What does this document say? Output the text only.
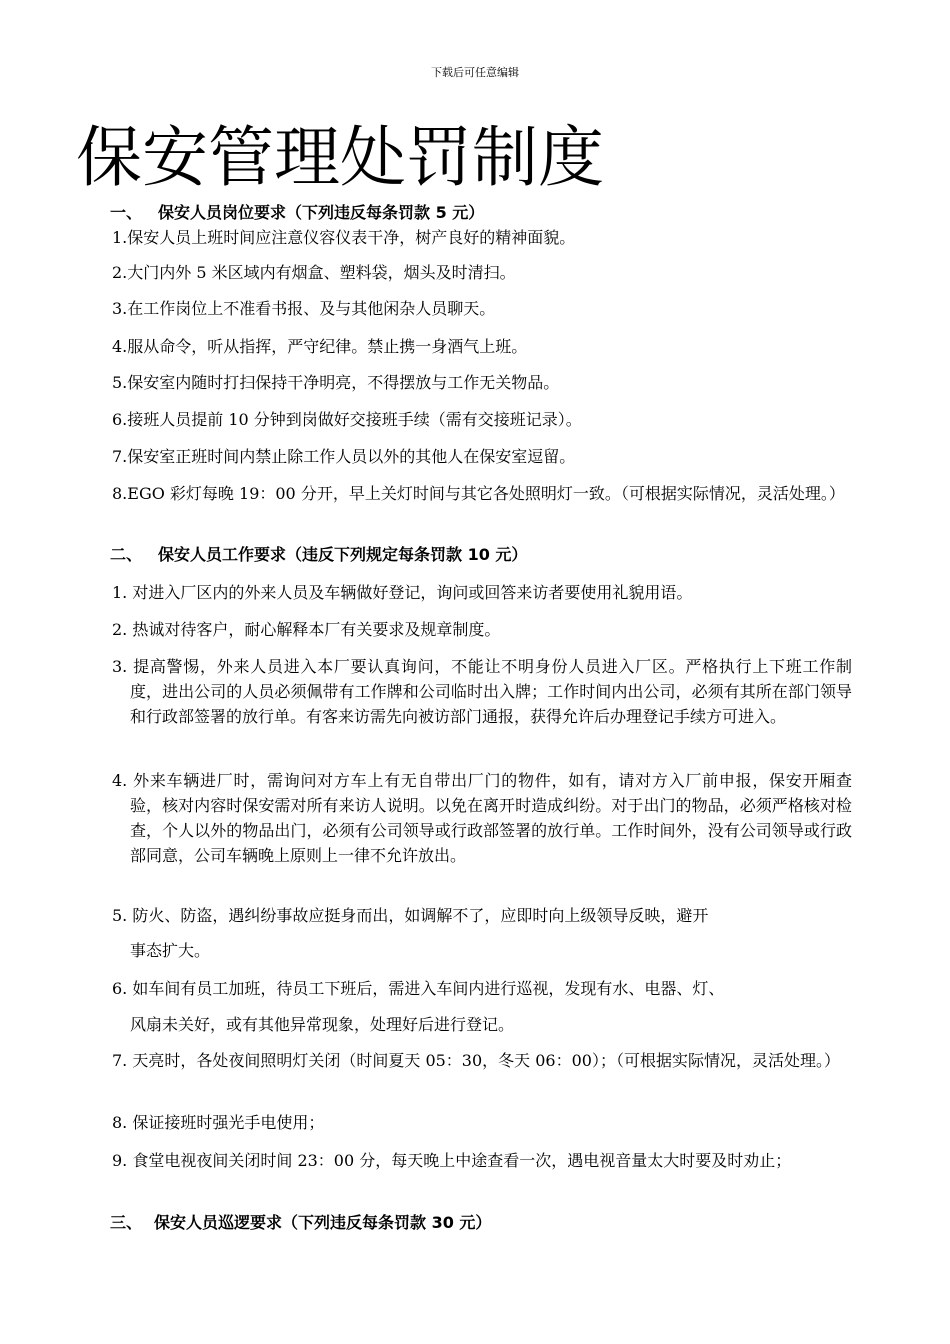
下载后可任意编辑
保安管理处罚制度
一、 保安人员岗位要求（下列违反每条罚款 5 元）

1.保安人员上班时间应注意仪容仪表干净，树产良好的精神面貌。

2.大门内外 5 米区域内有烟盒、塑料袋，烟头及时清扫。

3.在工作岗位上不准看书报、及与其他闲杂人员聊天。

4.服从命令，听从指挥，严守纪律。禁止携一身酒气上班。

5.保安室内随时打扫保持干净明亮，不得摆放与工作无关物品。

6.接班人员提前 10 分钟到岗做好交接班手续（需有交接班记录）。

7.保安室正班时间内禁止除工作人员以外的其他人在保安室逗留。

8.EGO 彩灯每晚 19：00 分开，早上关灯时间与其它各处照明灯一致。（可根据实际情况，灵活处理。）

二、 保安人员工作要求（违反下列规定每条罚款 10 元）

1. 对进入厂区内的外来人员及车辆做好登记，询问或回答来访者要使用礼貌用语。

2. 热诚对待客户，耐心解释本厂有关要求及规章制度。

3. 提高警惕，外来人员进入本厂要认真询问，不能让不明身份人员进入厂区。严格执行上下班工作制度，进出公司的人员必须佩带有工作牌和公司临时出入牌；工作时间内出公司，必须有其所在部门领导和行政部签署的放行单。有客来访需先向被访部门通报，获得允许后办理登记手续方可进入。

4. 外来车辆进厂时，需询问对方车上有无自带出厂门的物件，如有，请对方入厂前申报，保安开厢查验，核对内容时保安需对所有来访人说明。以免在离开时造成纠纷。对于出门的物品，必须严格核对检查，个人以外的物品出门，必须有公司领导或行政部签署的放行单。工作时间外，没有公司领导或行政部同意，公司车辆晚上原则上一律不允许放出。

5. 防火、防盗，遇纠纷事故应挺身而出，如调解不了，应即时向上级领导反映，避开

事态扩大。

6. 如车间有员工加班，待员工下班后，需进入车间内进行巡视，发现有水、电器、灯、

风扇未关好，或有其他异常现象，处理好后进行登记。

7. 天亮时，各处夜间照明灯关闭（时间夏天 05：30，冬天 06：00）；（可根据实际情况，灵活处理。）

8. 保证接班时强光手电使用；

9. 食堂电视夜间关闭时间 23：00 分，每天晚上中途查看一次，遇电视音量太大时要及时劝止；

三、 保安人员巡逻要求（下列违反每条罚款 30 元）
